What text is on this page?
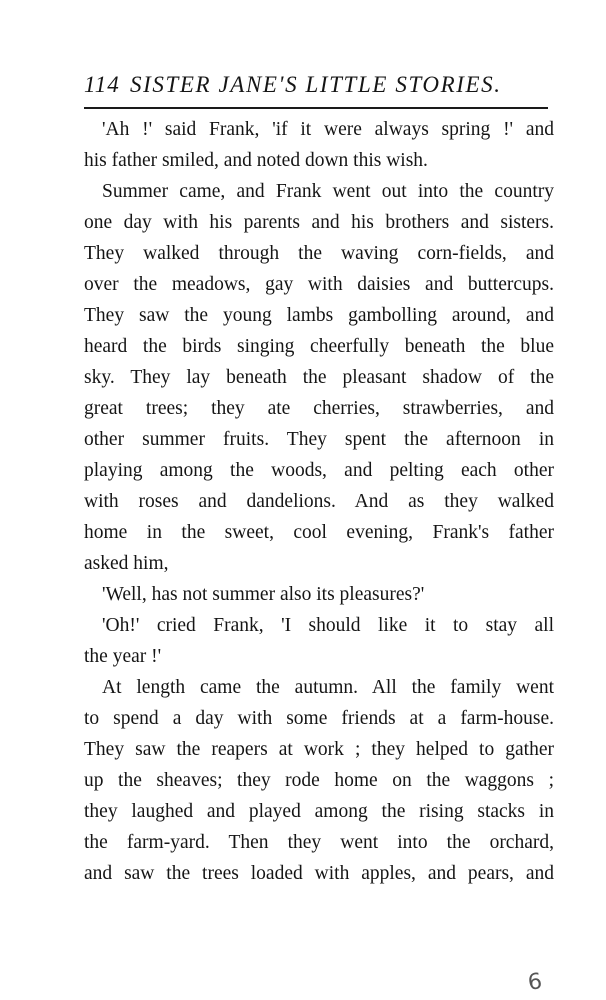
114 SISTER JANE'S LITTLE STORIES.
'Ah !' said Frank, 'if it were always spring !' and
his father smiled, and noted down this wish.
Summer came, and Frank went out into the country
one day with his parents and his brothers and sisters.
They walked through the waving corn-fields, and
over the meadows, gay with daisies and buttercups.
They saw the young lambs gambolling around, and
heard the birds singing cheerfully beneath the blue
sky. They lay beneath the pleasant shadow of the
great trees; they ate cherries, strawberries, and
other summer fruits. They spent the afternoon in
playing among the woods, and pelting each other
with roses and dandelions. And as they walked
home in the sweet, cool evening, Frank's father
asked him,
'Well, has not summer also its pleasures?'
'Oh!' cried Frank, 'I should like it to stay all
the year !'
At length came the autumn. All the family went
to spend a day with some friends at a farm-house.
They saw the reapers at work ; they helped to gather
up the sheaves; they rode home on the waggons ;
they laughed and played among the rising stacks in
the farm-yard. Then they went into the orchard,
and saw the trees loaded with apples, and pears, and
6
